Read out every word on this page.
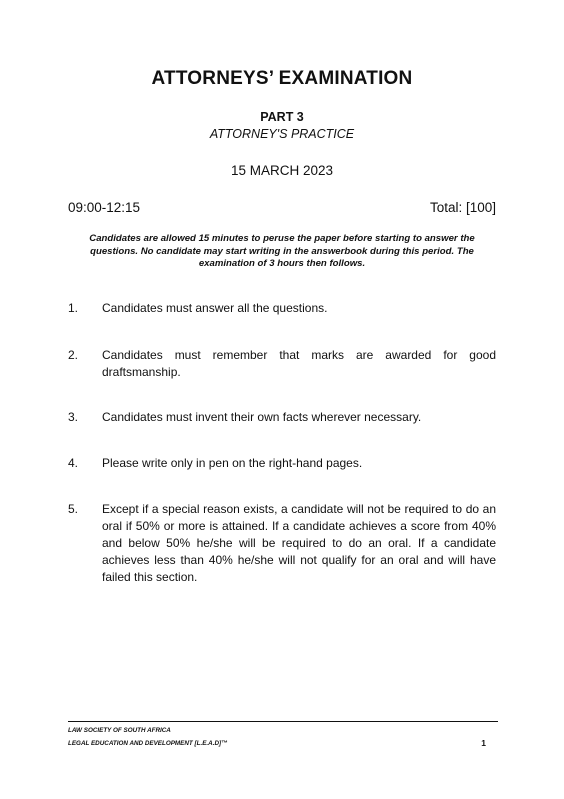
ATTORNEYS’ EXAMINATION
PART 3
ATTORNEY'S PRACTICE
15 MARCH 2023
09:00-12:15	Total: [100]
Candidates are allowed 15 minutes to peruse the paper before starting to answer the questions. No candidate may start writing in the answerbook during this period. The examination of 3 hours then follows.
1.	Candidates must answer all the questions.
2.	Candidates must remember that marks are awarded for good draftsmanship.
3.	Candidates must invent their own facts wherever necessary.
4.	Please write only in pen on the right-hand pages.
5.	Except if a special reason exists, a candidate will not be required to do an oral if 50% or more is attained. If a candidate achieves a score from 40% and below 50% he/she will be required to do an oral. If a candidate achieves less than 40% he/she will not qualify for an oral and will have failed this section.
LAW SOCIETY OF SOUTH AFRICA
LEGAL EDUCATION AND DEVELOPMENT [L.E.A.D]™	1
